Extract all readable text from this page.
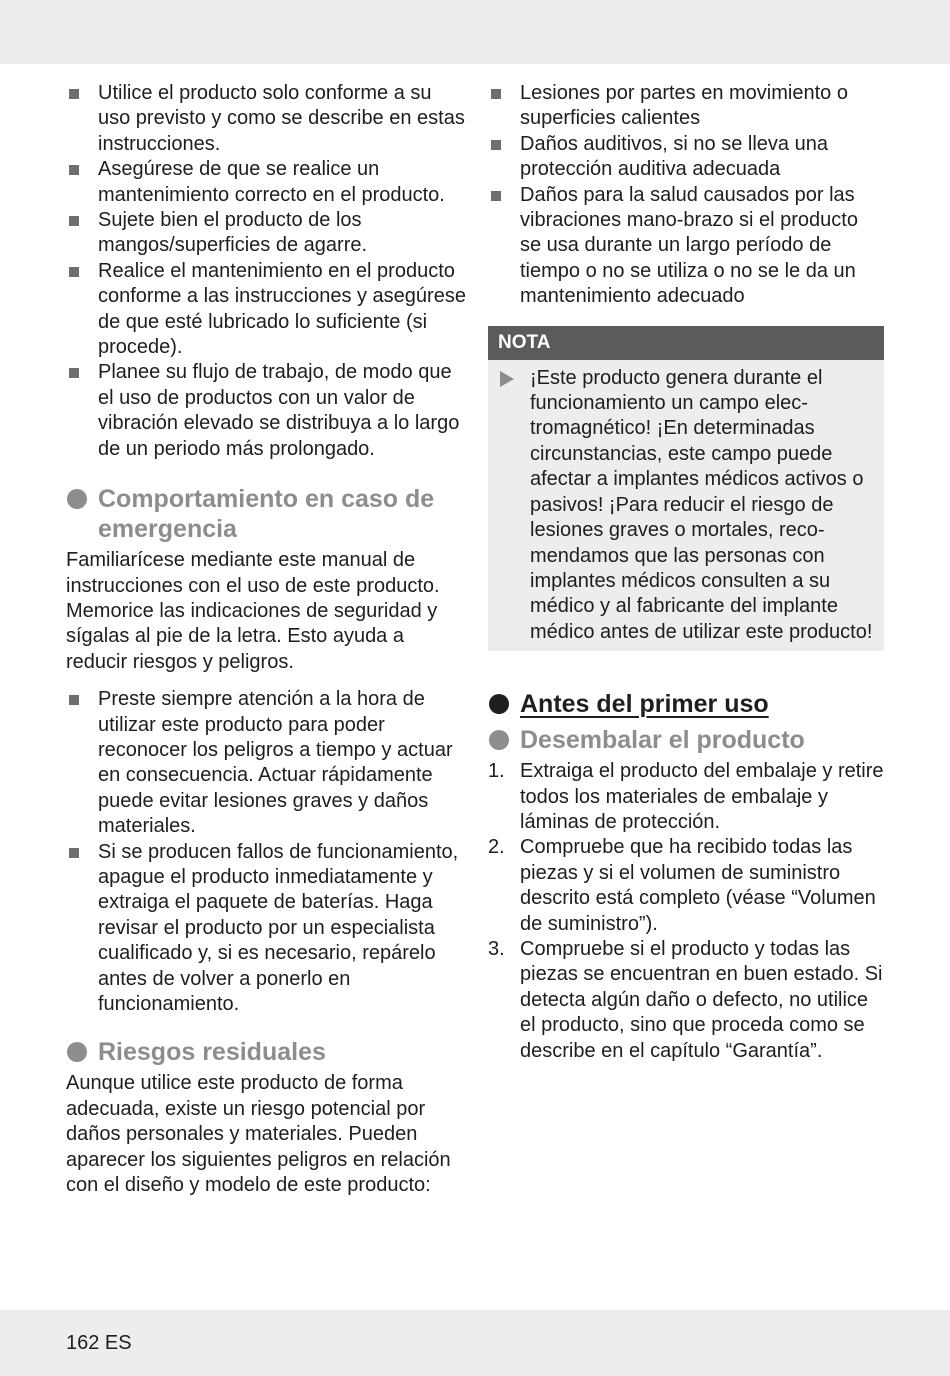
Utilice el producto solo conforme a su uso previsto y como se describe en estas instrucciones.
Asegúrese de que se realice un mantenimiento correcto en el producto.
Sujete bien el producto de los mangos/superficies de agarre.
Realice el mantenimiento en el producto conforme a las instrucciones y asegúrese de que esté lubricado lo suficiente (si procede).
Planee su flujo de trabajo, de modo que el uso de productos con un valor de vibración elevado se distribuya a lo largo de un periodo más prolongado.
Comportamiento en caso de
emergencia

Familiarícese mediante este manual de instrucciones con el uso de este producto. Memorice las indicaciones de seguridad y sígalas al pie de la letra. Esto ayuda a reducir riesgos y peligros.

Preste siempre atención a la hora de utilizar este producto para poder reconocer los peligros a tiempo y actuar en consecuencia. Actuar rápidamente puede evitar lesiones graves y daños materiales.
Si se producen fallos de funcionamiento, apague el producto inmediatamente y extraiga el paquete de baterías. Haga revisar el producto por un especialista cualificado y, si es necesario, repárelo antes de volver a ponerlo en funcionamiento.
Riesgos residuales

Aunque utilice este producto de forma adecuada, existe un riesgo potencial por daños personales y materiales. Pueden aparecer los siguientes peligros en relación con el diseño y modelo de este producto:

Lesiones por partes en movimiento o superficies calientes
Daños auditivos, si no se lleva una protección auditiva adecuada
Daños para la salud causados por las vibraciones mano-brazo si el producto se usa durante un largo período de tiempo o no se utiliza o no se le da un mantenimiento adecuado
NOTA
¡Este producto genera durante el funcionamiento un campo electromagnético! ¡En determinadas circunstancias, este campo puede afectar a implantes médicos activos o pasivos! ¡Para reducir el riesgo de lesiones graves o mortales, recomendamos que las personas con implantes médicos consulten a su médico y al fabricante del implante médico antes de utilizar este producto!
Antes del primer uso
Desembalar el producto
1. Extraiga el producto del embalaje y retire todos los materiales de embalaje y láminas de protección.
2. Compruebe que ha recibido todas las piezas y si el volumen de suministro descrito está completo (véase “Volumen de suministro”).
3. Compruebe si el producto y todas las piezas se encuentran en buen estado. Si detecta algún daño o defecto, no utilice el producto, sino que proceda como se describe en el capítulo “Garantía”.
162 ES
